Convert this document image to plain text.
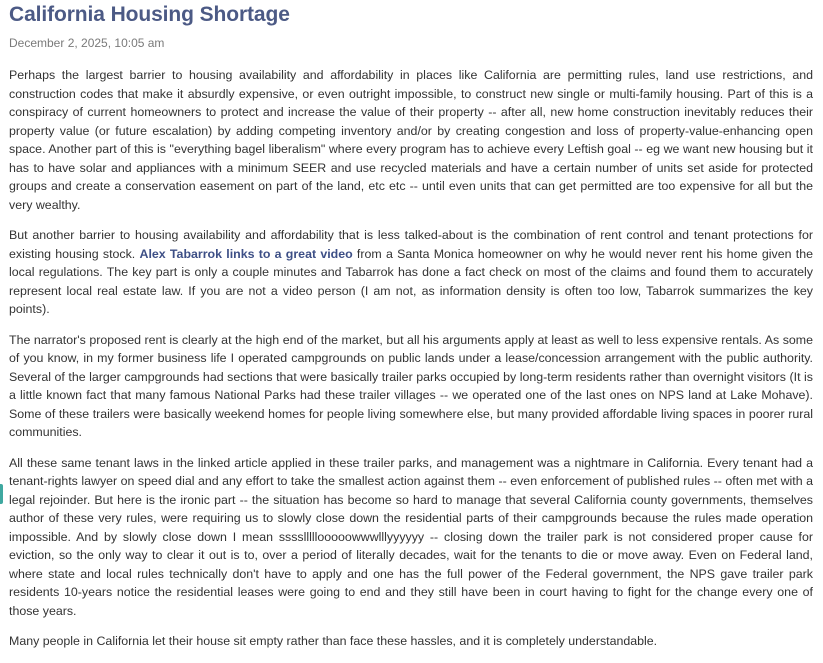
California Housing Shortage
December 2, 2025, 10:05 am

Perhaps the largest barrier to housing availability and affordability in places like California are permitting rules, land use restrictions, and construction codes that make it absurdly expensive, or even outright impossible, to construct new single or multi-family housing. Part of this is a conspiracy of current homeowners to protect and increase the value of their property -- after all, new home construction inevitably reduces their property value (or future escalation) by adding competing inventory and/or by creating congestion and loss of property-value-enhancing open space. Another part of this is "everything bagel liberalism" where every program has to achieve every Leftish goal -- eg we want new housing but it has to have solar and appliances with a minimum SEER and use recycled materials and have a certain number of units set aside for protected groups and create a conservation easement on part of the land, etc etc -- until even units that can get permitted are too expensive for all but the very wealthy.

But another barrier to housing availability and affordability that is less talked-about is the combination of rent control and tenant protections for existing housing stock. Alex Tabarrok links to a great video from a Santa Monica homeowner on why he would never rent his home given the local regulations. The key part is only a couple minutes and Tabarrok has done a fact check on most of the claims and found them to accurately represent local real estate law. If you are not a video person (I am not, as information density is often too low, Tabarrok summarizes the key points).

The narrator's proposed rent is clearly at the high end of the market, but all his arguments apply at least as well to less expensive rentals. As some of you know, in my former business life I operated campgrounds on public lands under a lease/concession arrangement with the public authority. Several of the larger campgrounds had sections that were basically trailer parks occupied by long-term residents rather than overnight visitors (It is a little known fact that many famous National Parks had these trailer villages -- we operated one of the last ones on NPS land at Lake Mohave). Some of these trailers were basically weekend homes for people living somewhere else, but many provided affordable living spaces in poorer rural communities.

All these same tenant laws in the linked article applied in these trailer parks, and management was a nightmare in California. Every tenant had a tenant-rights lawyer on speed dial and any effort to take the smallest action against them -- even enforcement of published rules -- often met with a legal rejoinder. But here is the ironic part -- the situation has become so hard to manage that several California county governments, themselves author of these very rules, were requiring us to slowly close down the residential parts of their campgrounds because the rules made operation impossible. And by slowly close down I mean sssslllllooooowwwlllyyyyyy -- closing down the trailer park is not considered proper cause for eviction, so the only way to clear it out is to, over a period of literally decades, wait for the tenants to die or move away. Even on Federal land, where state and local rules technically don't have to apply and one has the full power of the Federal government, the NPS gave trailer park residents 10-years notice the residential leases were going to end and they still have been in court having to fight for the change every one of those years.

Many people in California let their house sit empty rather than face these hassles, and it is completely understandable.
